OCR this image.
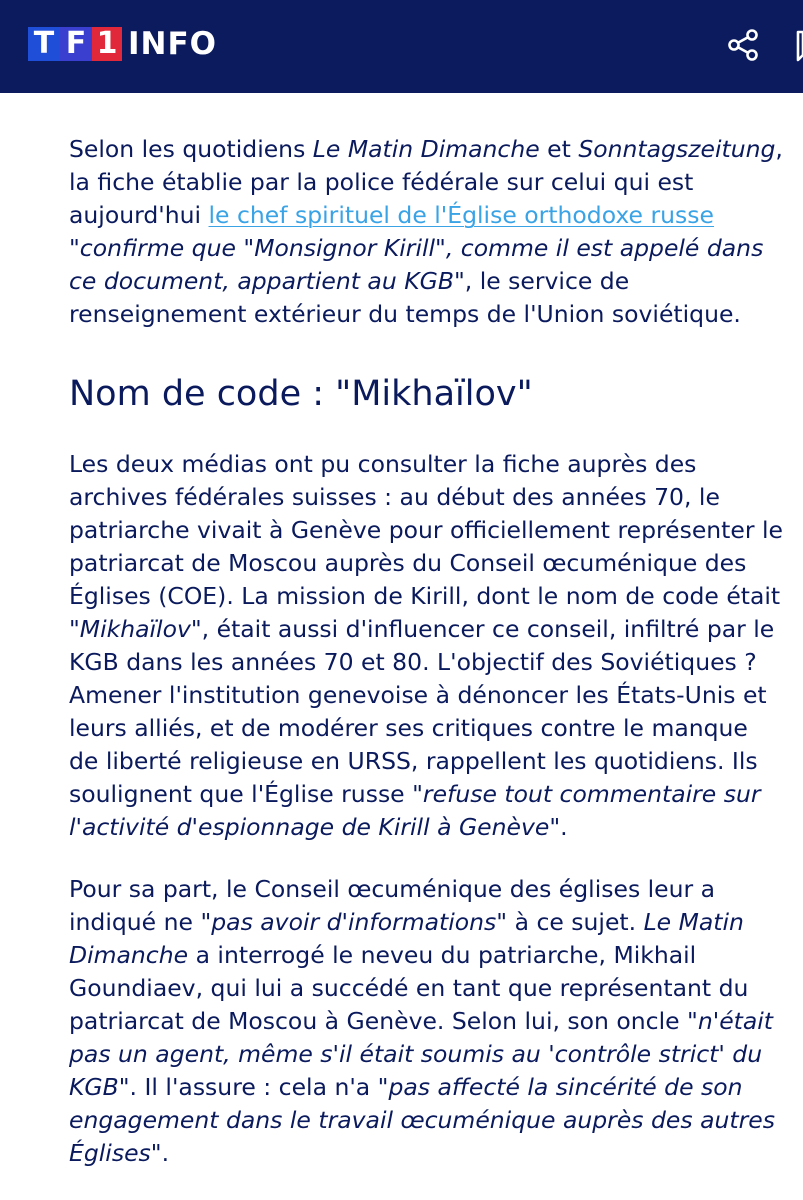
T F 1 INFO

Selon les quotidiens Le Matin Dimanche et Sonntagszeitung, la fiche établie par la police fédérale sur celui qui est aujourd'hui le chef spirituel de l'Église orthodoxe russe "confirme que "Monsignor Kirill", comme il est appelé dans ce document, appartient au KGB", le service de renseignement extérieur du temps de l'Union soviétique.

Nom de code : "Mikhaïlov"

Les deux médias ont pu consulter la fiche auprès des archives fédérales suisses : au début des années 70, le patriarche vivait à Genève pour officiellement représenter le patriarcat de Moscou auprès du Conseil œcuménique des Églises (COE). La mission de Kirill, dont le nom de code était "Mikhaïlov", était aussi d'influencer ce conseil, infiltré par le KGB dans les années 70 et 80. L'objectif des Soviétiques ? Amener l'institution genevoise à dénoncer les États-Unis et leurs alliés, et de modérer ses critiques contre le manque de liberté religieuse en URSS, rappellent les quotidiens. Ils soulignent que l'Église russe "refuse tout commentaire sur l'activité d'espionnage de Kirill à Genève".

Pour sa part, le Conseil œcuménique des églises leur a indiqué ne "pas avoir d'informations" à ce sujet. Le Matin Dimanche a interrogé le neveu du patriarche, Mikhail Goundiaev, qui lui a succédé en tant que représentant du patriarcat de Moscou à Genève. Selon lui, son oncle "n'était pas un agent, même s'il était soumis au 'contrôle strict' du KGB". Il l'assure : cela n'a "pas affecté la sincérité de son engagement dans le travail œcuménique auprès des autres Églises".
